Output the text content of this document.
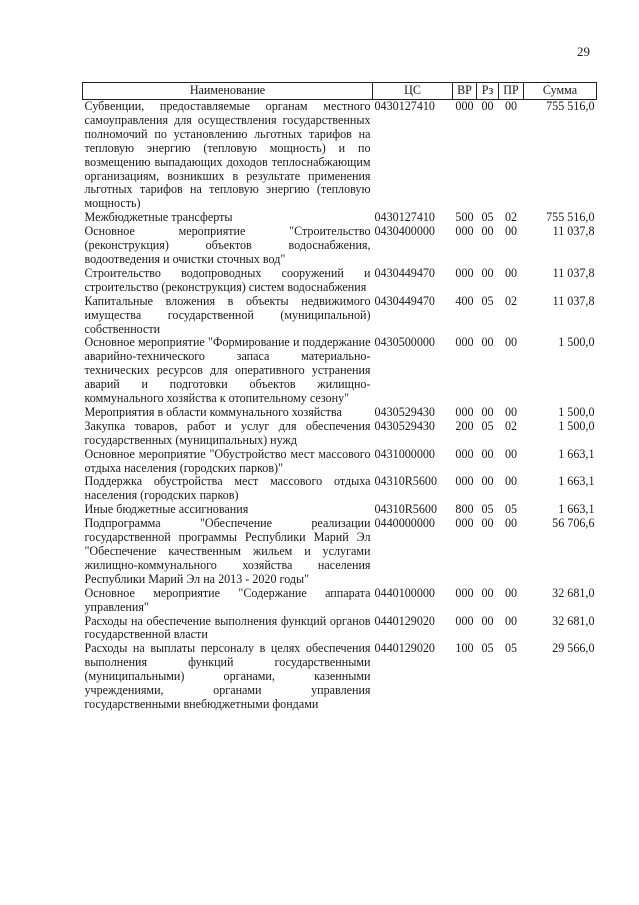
29
Наименование	ЦС	ВР	Рз	ПР	Сумма
Субвенции, предоставляемые органам местного самоуправления для осуществления государственных полномочий по установлению льготных тарифов на тепловую энергию (тепловую мощность) и по возмещению выпадающих доходов теплоснабжающим организациям, возникших в результате применения льготных тарифов на тепловую энергию (тепловую мощность)	0430127410	000	00	00	755 516,0
Межбюджетные трансферты	0430127410	500	05	02	755 516,0
Основное мероприятие "Строительство (реконструкция) объектов водоснабжения, водоотведения и очистки сточных вод"	0430400000	000	00	00	11 037,8
Строительство водопроводных сооружений и строительство (реконструкция) систем водоснабжения	0430449470	000	00	00	11 037,8
Капитальные вложения в объекты недвижимого имущества государственной (муниципальной) собственности	0430449470	400	05	02	11 037,8
Основное мероприятие "Формирование и поддержание аварийно-технического запаса материально-технических ресурсов для оперативного устранения аварий и подготовки объектов жилищно-коммунального хозяйства к отопительному сезону"	0430500000	000	00	00	1 500,0
Мероприятия в области коммунального хозяйства	0430529430	000	00	00	1 500,0
Закупка товаров, работ и услуг для обеспечения государственных (муниципальных) нужд	0430529430	200	05	02	1 500,0
Основное мероприятие "Обустройство мест массового отдыха населения (городских парков)"	0431000000	000	00	00	1 663,1
Поддержка обустройства мест массового отдыха населения (городских парков)	04310R5600	000	00	00	1 663,1
Иные бюджетные ассигнования	04310R5600	800	05	05	1 663,1
Подпрограмма "Обеспечение реализации государственной программы Республики Марий Эл "Обеспечение качественным жильем и услугами жилищно-коммунального хозяйства населения Республики Марий Эл на 2013 - 2020 годы"	0440000000	000	00	00	56 706,6
Основное мероприятие "Содержание аппарата управления"	0440100000	000	00	00	32 681,0
Расходы на обеспечение выполнения функций органов государственной власти	0440129020	000	00	00	32 681,0
Расходы на выплаты персоналу в целях обеспечения выполнения функций государственными (муниципальными) органами, казенными учреждениями, органами управления государственными внебюджетными фондами	0440129020	100	05	05	29 566,0
